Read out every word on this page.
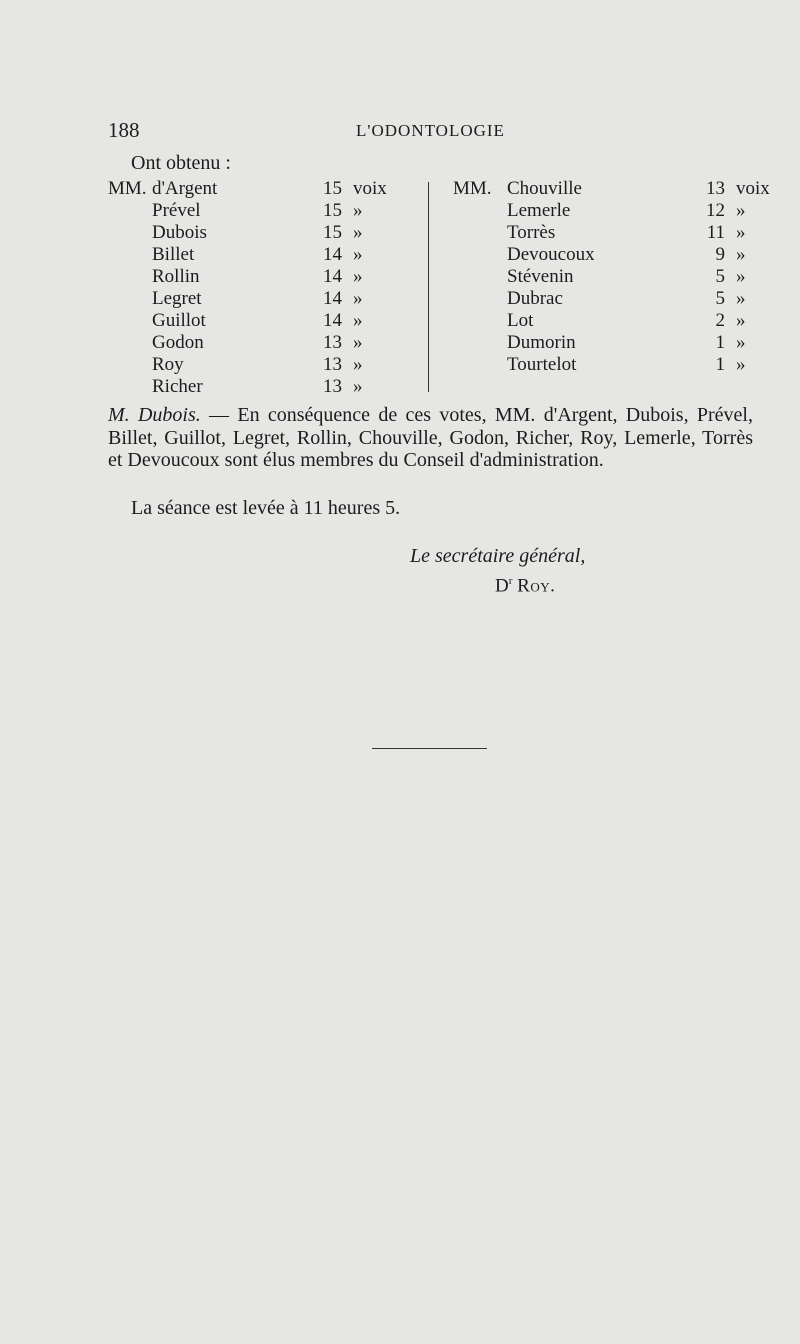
188	L'ODONTOLOGIE
Ont obtenu :
MM. d'Argent	15 voix
Prével	15 »
Dubois	15 »
Billet	14 »
Rollin	14 »
Legret	14 »
Guillot	14 »
Godon	13 »
Roy	13 »
Richer	13 »
MM. Chouville	13 voix
Lemerle	12 »
Torrès	11 »
Devoucoux	9 »
Stévenin	5 »
Dubrac	5 »
Lot	2 »
Dumorin	1 »
Tourtelot	1 »

M. Dubois. — En conséquence de ces votes, MM. d'Argent, Dubois, Prével, Billet, Guillot, Legret, Rollin, Chouville, Godon, Richer, Roy, Lemerle, Torrès et Devoucoux sont élus membres du Conseil d'administration.

La séance est levée à 11 heures 5.
Le secrétaire général,
$D^r$ Roy.
